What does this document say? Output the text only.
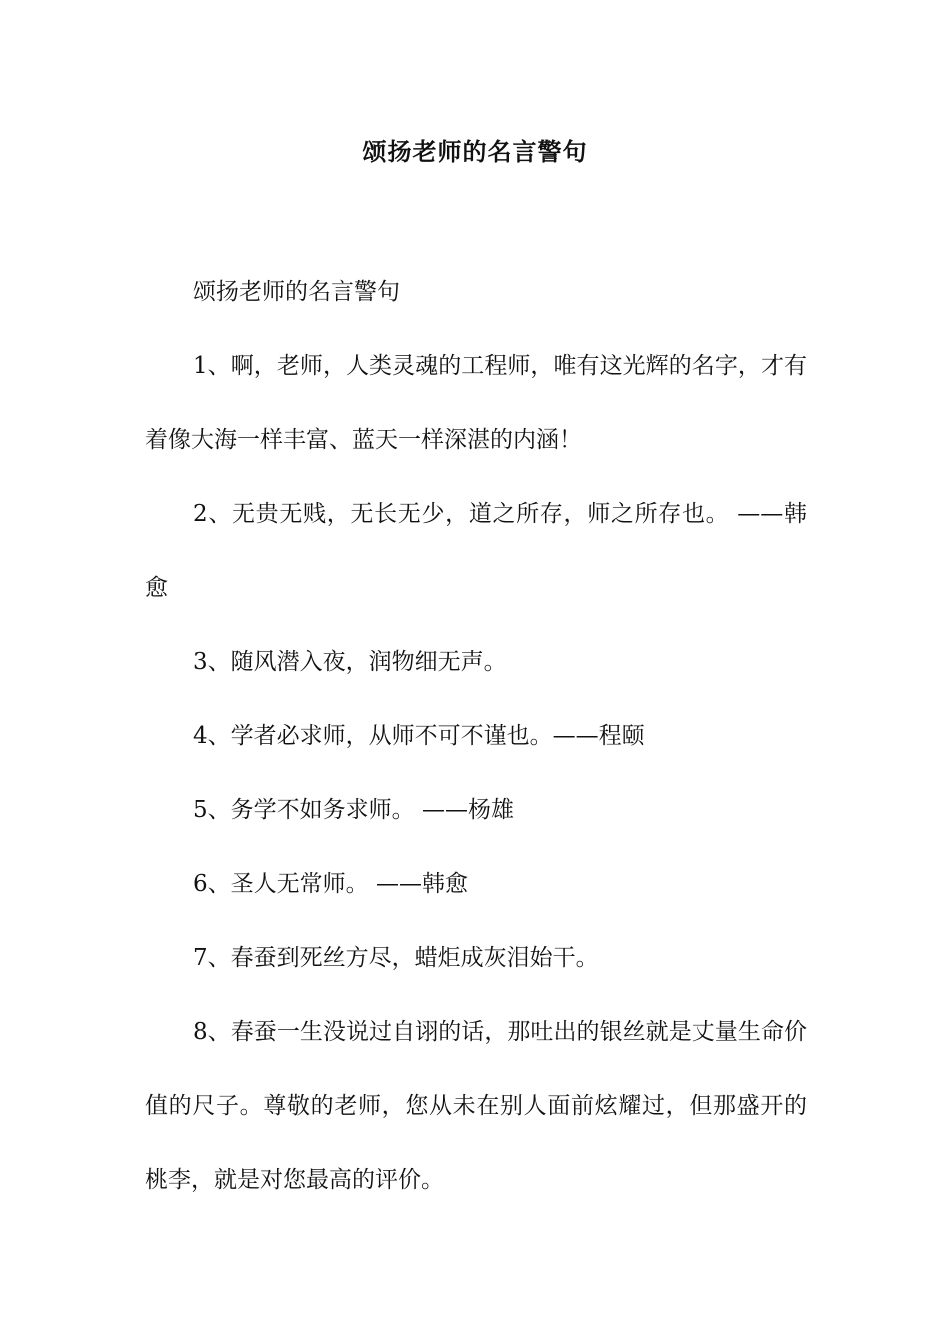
颂扬老师的名言警句

颂扬老师的名言警句

1、啊，老师，人类灵魂的工程师，唯有这光辉的名字，才有着像大海一样丰富、蓝天一样深湛的内涵！

2、无贵无贱，无长无少，道之所存，师之所存也。 ——韩愈

3、随风潜入夜，润物细无声。

4、学者必求师，从师不可不谨也。——程颐

5、务学不如务求师。 ——杨雄

6、圣人无常师。 ——韩愈

7、春蚕到死丝方尽，蜡炬成灰泪始干。

8、春蚕一生没说过自诩的话，那吐出的银丝就是丈量生命价值的尺子。尊敬的老师，您从未在别人面前炫耀过，但那盛开的桃李，就是对您最高的评价。
